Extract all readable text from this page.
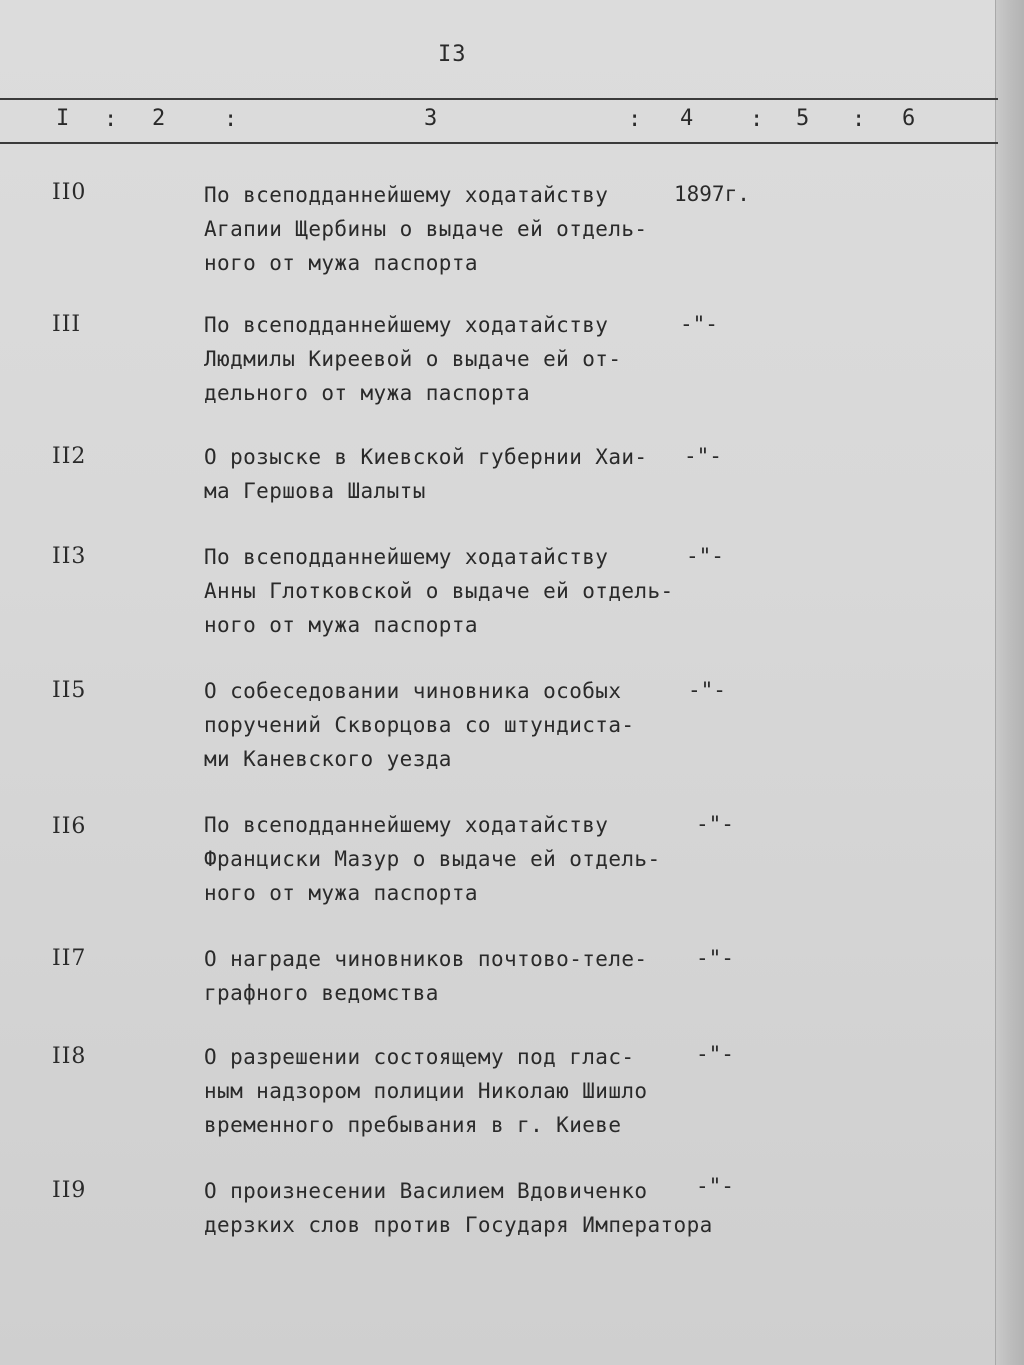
I3
I : 2	:	3	: 4	: 5 : 6
II0	По всеподданнейшему ходатайству
Агапии Щербины о выдаче ей отдель-
ного от мужа паспорта
1897г.
III	По всеподданнейшему ходатайству
Людмилы Киреевой о выдаче ей от-
дельного от мужа паспорта
-"-
II2	О розыске в Киевской губернии Хаи-
ма Гершова Шалыты
-"-
II3	По всеподданнейшему ходатайству
Анны Глотковской о выдаче ей отдель-
ного от мужа паспорта
-"-
II5	О собеседовании чиновника особых
поручений Скворцова со штундиста-
ми Каневского уезда
-"-
II6	По всеподданнейшему ходатайству
Франциски Мазур о выдаче ей отдель-
ного от мужа паспорта
-"-
II7	О награде чиновников почтово-теле-
графного ведомства
-"-
II8	О разрешении состоящему под глас-
ным надзором полиции Николаю Шишло
временного пребывания в г. Киеве
-"-
II9	О произнесении Василием Вдовиченко
дерзких слов против Государя Императора
-"-
